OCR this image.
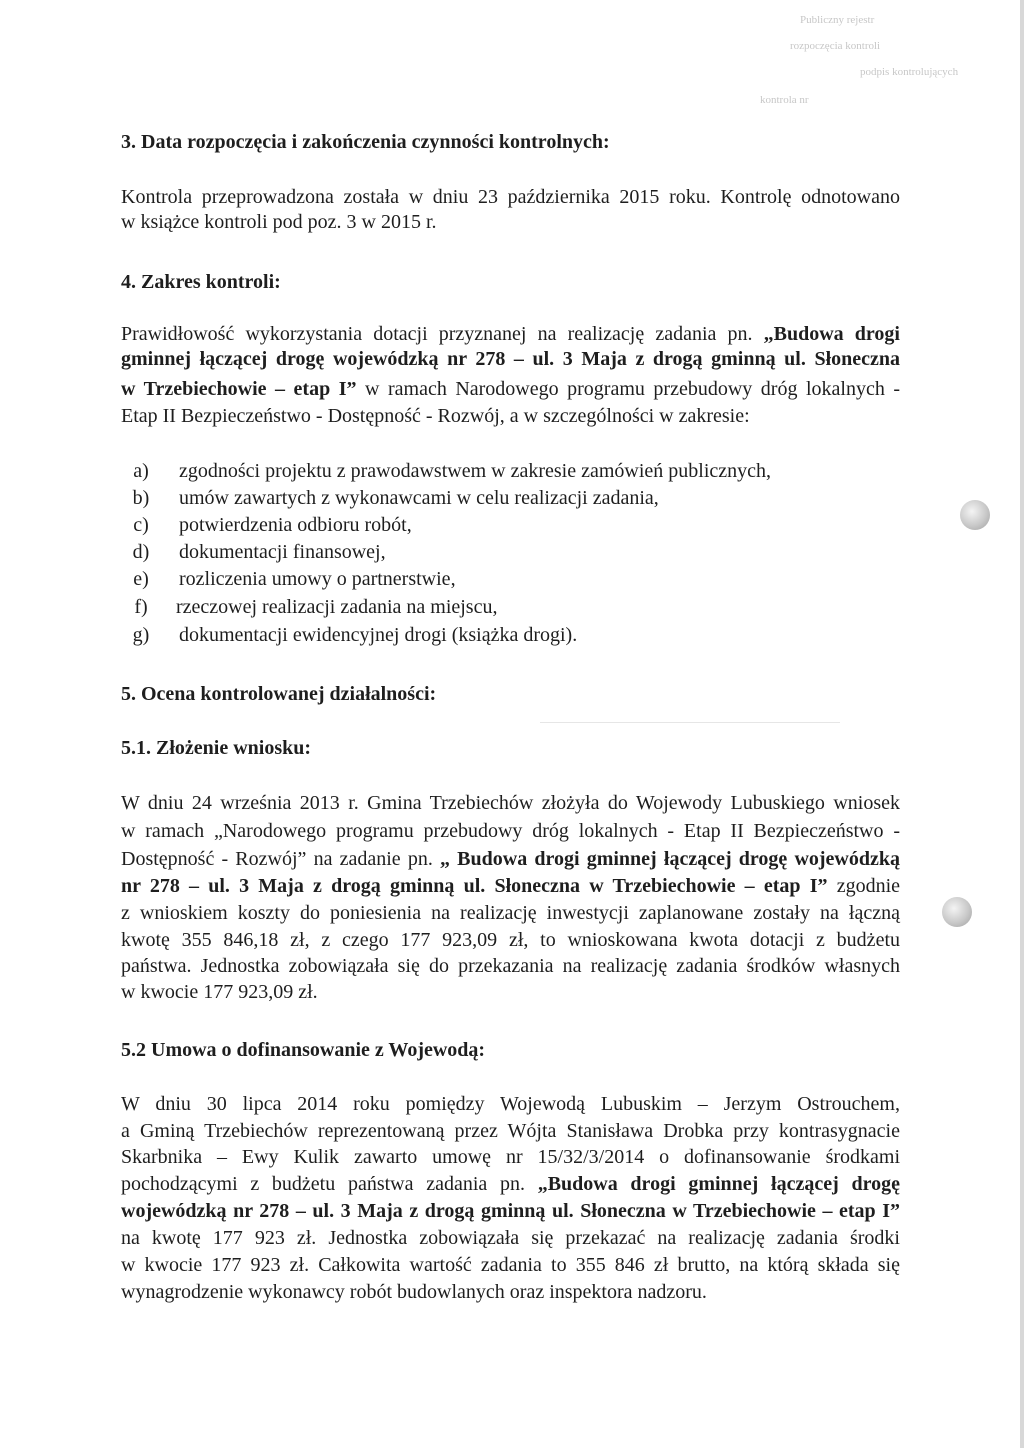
Publiczny rejestr
rozpoczęcia kontroli
podpis kontrolujących
kontrola nr
3. Data rozpoczęcia i zakończenia czynności kontrolnych:
Kontrola przeprowadzona została w dniu 23 października 2015 roku. Kontrolę odnotowano
w książce kontroli pod poz. 3 w 2015 r.
4. Zakres kontroli:
Prawidłowość wykorzystania dotacji przyznanej na realizację zadania pn. „Budowa drogi
gminnej łączącej drogę wojewódzką nr 278 – ul. 3 Maja z drogą gminną ul. Słoneczna
w Trzebiechowie – etap I” w ramach Narodowego programu przebudowy dróg lokalnych -
Etap II Bezpieczeństwo - Dostępność - Rozwój, a w szczególności w zakresie:
a)	zgodności projektu z prawodawstwem w zakresie zamówień publicznych,
b)	umów zawartych z wykonawcami w celu realizacji zadania,
c)	potwierdzenia odbioru robót,
d)	dokumentacji finansowej,
e)	rozliczenia umowy o partnerstwie,
f)	rzeczowej realizacji zadania na miejscu,
g)	dokumentacji ewidencyjnej drogi (książka drogi).
5. Ocena kontrolowanej działalności:
5.1. Złożenie wniosku:
W dniu 24 września 2013 r. Gmina Trzebiechów złożyła do Wojewody Lubuskiego wniosek
w ramach „Narodowego programu przebudowy dróg lokalnych - Etap II Bezpieczeństwo -
Dostępność - Rozwój” na zadanie pn. „ Budowa drogi gminnej łączącej drogę wojewódzką
nr 278 – ul. 3 Maja z drogą gminną ul. Słoneczna w Trzebiechowie – etap I” zgodnie
z wnioskiem koszty do poniesienia na realizację inwestycji zaplanowane zostały na łączną
kwotę 355 846,18 zł, z czego 177 923,09 zł, to wnioskowana kwota dotacji z budżetu
państwa. Jednostka zobowiązała się do przekazania na realizację zadania środków własnych
w kwocie 177 923,09 zł.
5.2 Umowa o dofinansowanie z Wojewodą:
W dniu 30 lipca 2014 roku pomiędzy Wojewodą Lubuskim – Jerzym Ostrouchem,
a Gminą Trzebiechów reprezentowaną przez Wójta Stanisława Drobka przy kontrasygnacie
Skarbnika – Ewy Kulik zawarto umowę nr 15/32/3/2014 o dofinansowanie środkami
pochodzącymi z budżetu państwa zadania pn. „Budowa drogi gminnej łączącej drogę
wojewódzką nr 278 – ul. 3 Maja z drogą gminną ul. Słoneczna w Trzebiechowie – etap I”
na kwotę 177 923 zł. Jednostka zobowiązała się przekazać na realizację zadania środki
w kwocie 177 923 zł. Całkowita wartość zadania to 355 846 zł brutto, na którą składa się
wynagrodzenie wykonawcy robót budowlanych oraz inspektora nadzoru.
